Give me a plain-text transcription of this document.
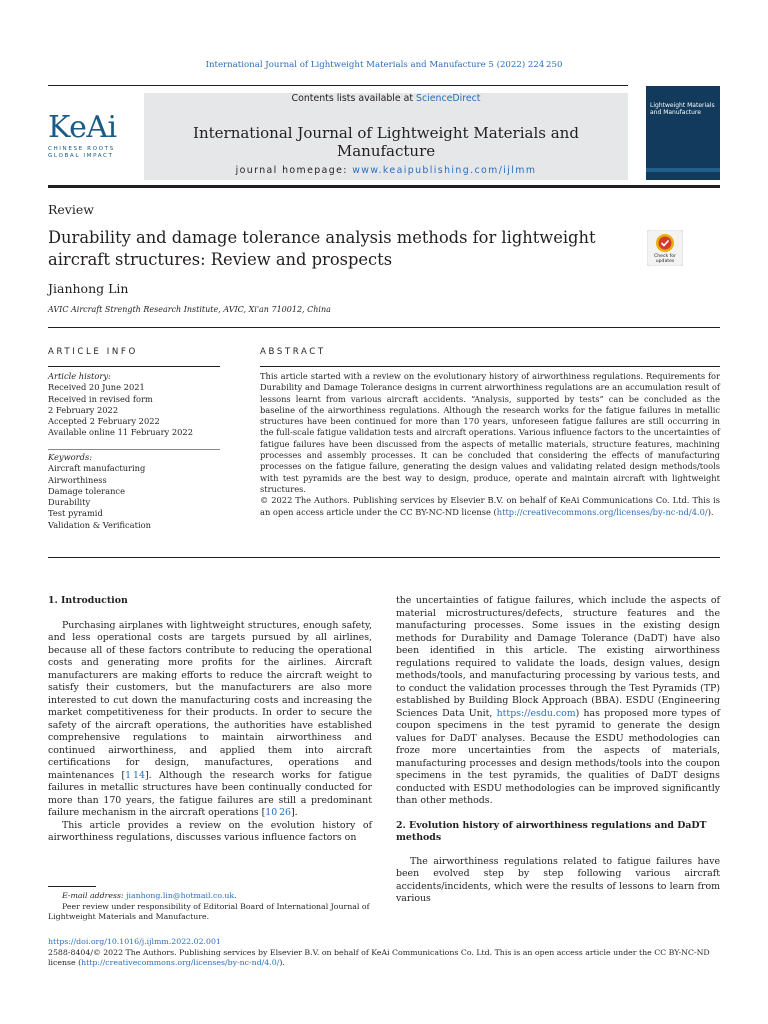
International Journal of Lightweight Materials and Manufacture 5 (2022) 224 250
KeAi
CHINESE ROOTS
GLOBAL IMPACT
Contents lists available at ScienceDirect
International Journal of Lightweight Materials and Manufacture
journal homepage: www.keaipublishing.com/ijlmm
Lightweight Materials and Manufacture
Review
Durability and damage tolerance analysis methods for lightweight aircraft structures: Review and prospects	Check for updates
Jianhong Lin
AVIC Aircraft Strength Research Institute, AVIC, Xi'an 710012, China
ARTICLE INFO
Article history:
Received 20 June 2021
Received in revised form
2 February 2022
Accepted 2 February 2022
Available online 11 February 2022
Keywords:
Aircraft manufacturing
Airworthiness
Damage tolerance
Durability
Test pyramid
Validation & Verification
ABSTRACT
This article started with a review on the evolutionary history of airworthiness regulations. Requirements for Durability and Damage Tolerance designs in current airworthiness regulations are an accumulation result of lessons learnt from various aircraft accidents. “Analysis, supported by tests” can be concluded as the baseline of the airworthiness regulations. Although the research works for the fatigue failures in metallic structures have been continued for more than 170 years, unforeseen fatigue failures are still occurring in the full-scale fatigue validation tests and aircraft operations. Various influence factors to the uncertainties of fatigue failures have been discussed from the aspects of metallic materials, structure features, machining processes and assembly processes. It can be concluded that considering the effects of manufacturing processes on the fatigue failure, generating the design values and validating related design methods/tools with test pyramids are the best way to design, produce, operate and maintain aircraft with lightweight structures.
© 2022 The Authors. Publishing services by Elsevier B.V. on behalf of KeAi Communications Co. Ltd. This is an open access article under the CC BY-NC-ND license (http://creativecommons.org/licenses/by-nc-nd/4.0/).
1. Introduction

Purchasing airplanes with lightweight structures, enough safety, and less operational costs are targets pursued by all airlines, because all of these factors contribute to reducing the operational costs and generating more profits for the airlines. Aircraft manufacturers are making efforts to reduce the aircraft weight to satisfy their customers, but the manufacturers are also more interested to cut down the manufacturing costs and increasing the market competitiveness for their products. In order to secure the safety of the aircraft operations, the authorities have established comprehensive regulations to maintain airworthiness and continued airworthiness, and applied them into aircraft certifications for design, manufactures, operations and maintenances [1 14]. Although the research works for fatigue failures in metallic structures have been continually conducted for more than 170 years, the fatigue failures are still a predominant failure mechanism in the aircraft operations [10 26].

This article provides a review on the evolution history of airworthiness regulations, discusses various influence factors on

the uncertainties of fatigue failures, which include the aspects of material microstructures/defects, structure features and the manufacturing processes. Some issues in the existing design methods for Durability and Damage Tolerance (DaDT) have also been identified in this article. The existing airworthiness regulations required to validate the loads, design values, design methods/tools, and manufacturing processing by various tests, and to conduct the validation processes through the Test Pyramids (TP) established by Building Block Approach (BBA). ESDU (Engineering Sciences Data Unit, https://esdu.com) has proposed more types of coupon specimens in the test pyramid to generate the design values for DaDT analyses. Because the ESDU methodologies can froze more uncertainties from the aspects of materials, manufacturing processes and design methods/tools into the coupon specimens in the test pyramids, the qualities of DaDT designs conducted with ESDU methodologies can be improved significantly than other methods.

2. Evolution history of airworthiness regulations and DaDT methods

The airworthiness regulations related to fatigue failures have been evolved step by step following various aircraft accidents/incidents, which were the results of lessons to learn from various

E-mail address: jianhong.lin@hotmail.co.uk.
Peer review under responsibility of Editorial Board of International Journal of Lightweight Materials and Manufacture.
https://doi.org/10.1016/j.ijlmm.2022.02.001
2588-8404/© 2022 The Authors. Publishing services by Elsevier B.V. on behalf of KeAi Communications Co. Ltd. This is an open access article under the CC BY-NC-ND license (http://creativecommons.org/licenses/by-nc-nd/4.0/).
